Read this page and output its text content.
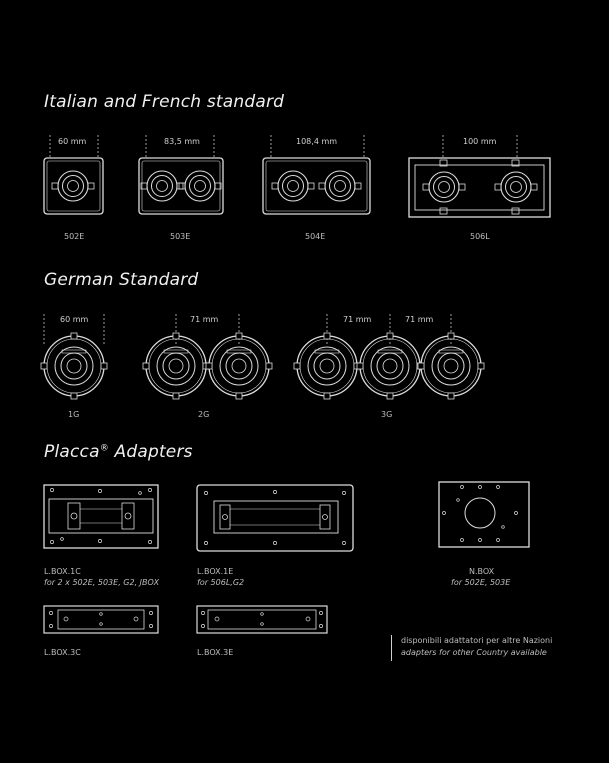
Italian and French standard
German Standard
Placca® Adapters
60 mm	83,5 mm	108,4 mm	100 mm
502E	503E	504E	506L
60 mm	71 mm	71 mm	71 mm
1G	2G	3G
L.BOX.1C
for 2 x 502E, 503E, G2, JBOX
L.BOX.1E
for 506L,G2
N.BOX
for 502E, 503E
L.BOX.3C	L.BOX.3E
disponibili adattatori per altre Nazioni
adapters for other Country available
